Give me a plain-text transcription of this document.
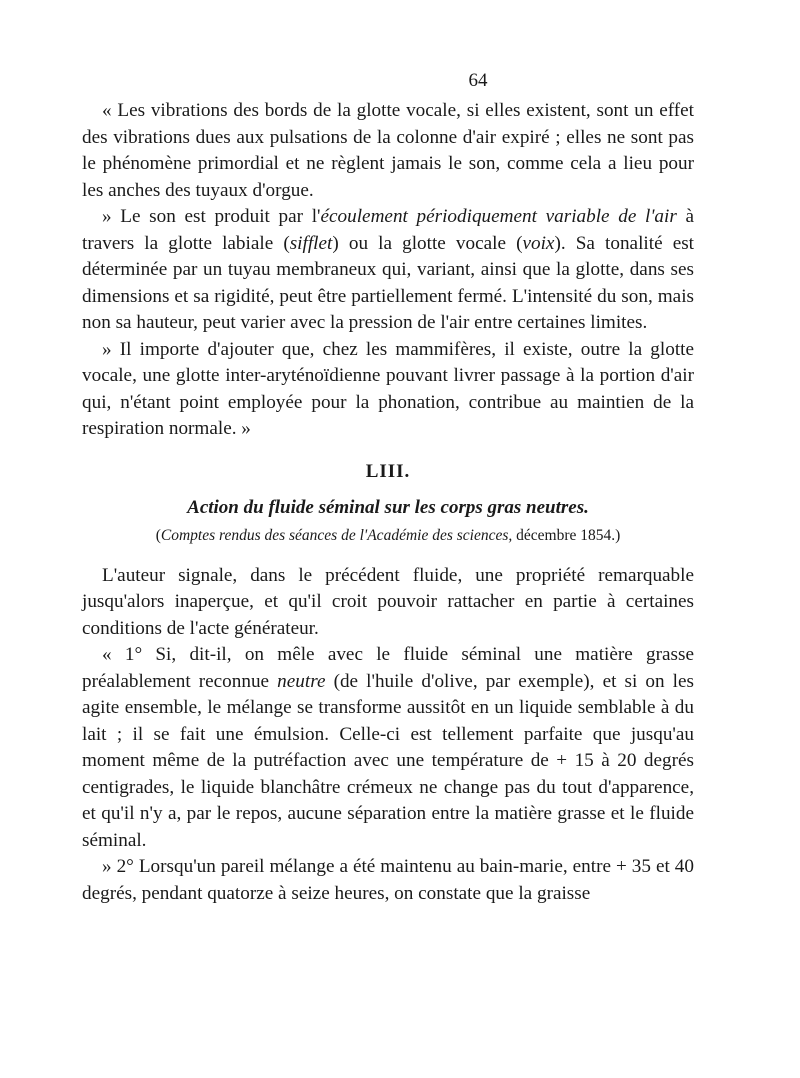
64

« Les vibrations des bords de la glotte vocale, si elles existent, sont un effet des vibrations dues aux pulsations de la colonne d'air expiré ; elles ne sont pas le phénomène primordial et ne règlent jamais le son, comme cela a lieu pour les anches des tuyaux d'orgue.

» Le son est produit par l'écoulement périodiquement variable de l'air à travers la glotte labiale (sifflet) ou la glotte vocale (voix). Sa tonalité est déterminée par un tuyau membraneux qui, variant, ainsi que la glotte, dans ses dimensions et sa rigidité, peut être partiellement fermé. L'intensité du son, mais non sa hauteur, peut varier avec la pression de l'air entre certaines limites.

» Il importe d'ajouter que, chez les mammifères, il existe, outre la glotte vocale, une glotte inter-aryténoïdienne pouvant livrer passage à la portion d'air qui, n'étant point employée pour la phonation, contribue au maintien de la respiration normale. »

LIII.
Action du fluide séminal sur les corps gras neutres.
(Comptes rendus des séances de l'Académie des sciences, décembre 1854.)

L'auteur signale, dans le précédent fluide, une propriété remarquable jusqu'alors inaperçue, et qu'il croit pouvoir rattacher en partie à certaines conditions de l'acte générateur.

« 1° Si, dit-il, on mêle avec le fluide séminal une matière grasse préalablement reconnue neutre (de l'huile d'olive, par exemple), et si on les agite ensemble, le mélange se transforme aussitôt en un liquide semblable à du lait ; il se fait une émulsion. Celle-ci est tellement parfaite que jusqu'au moment même de la putréfaction avec une température de + 15 à 20 degrés centigrades, le liquide blanchâtre crémeux ne change pas du tout d'apparence, et qu'il n'y a, par le repos, aucune séparation entre la matière grasse et le fluide séminal.

» 2° Lorsqu'un pareil mélange a été maintenu au bain-marie, entre + 35 et 40 degrés, pendant quatorze à seize heures, on constate que la graisse
